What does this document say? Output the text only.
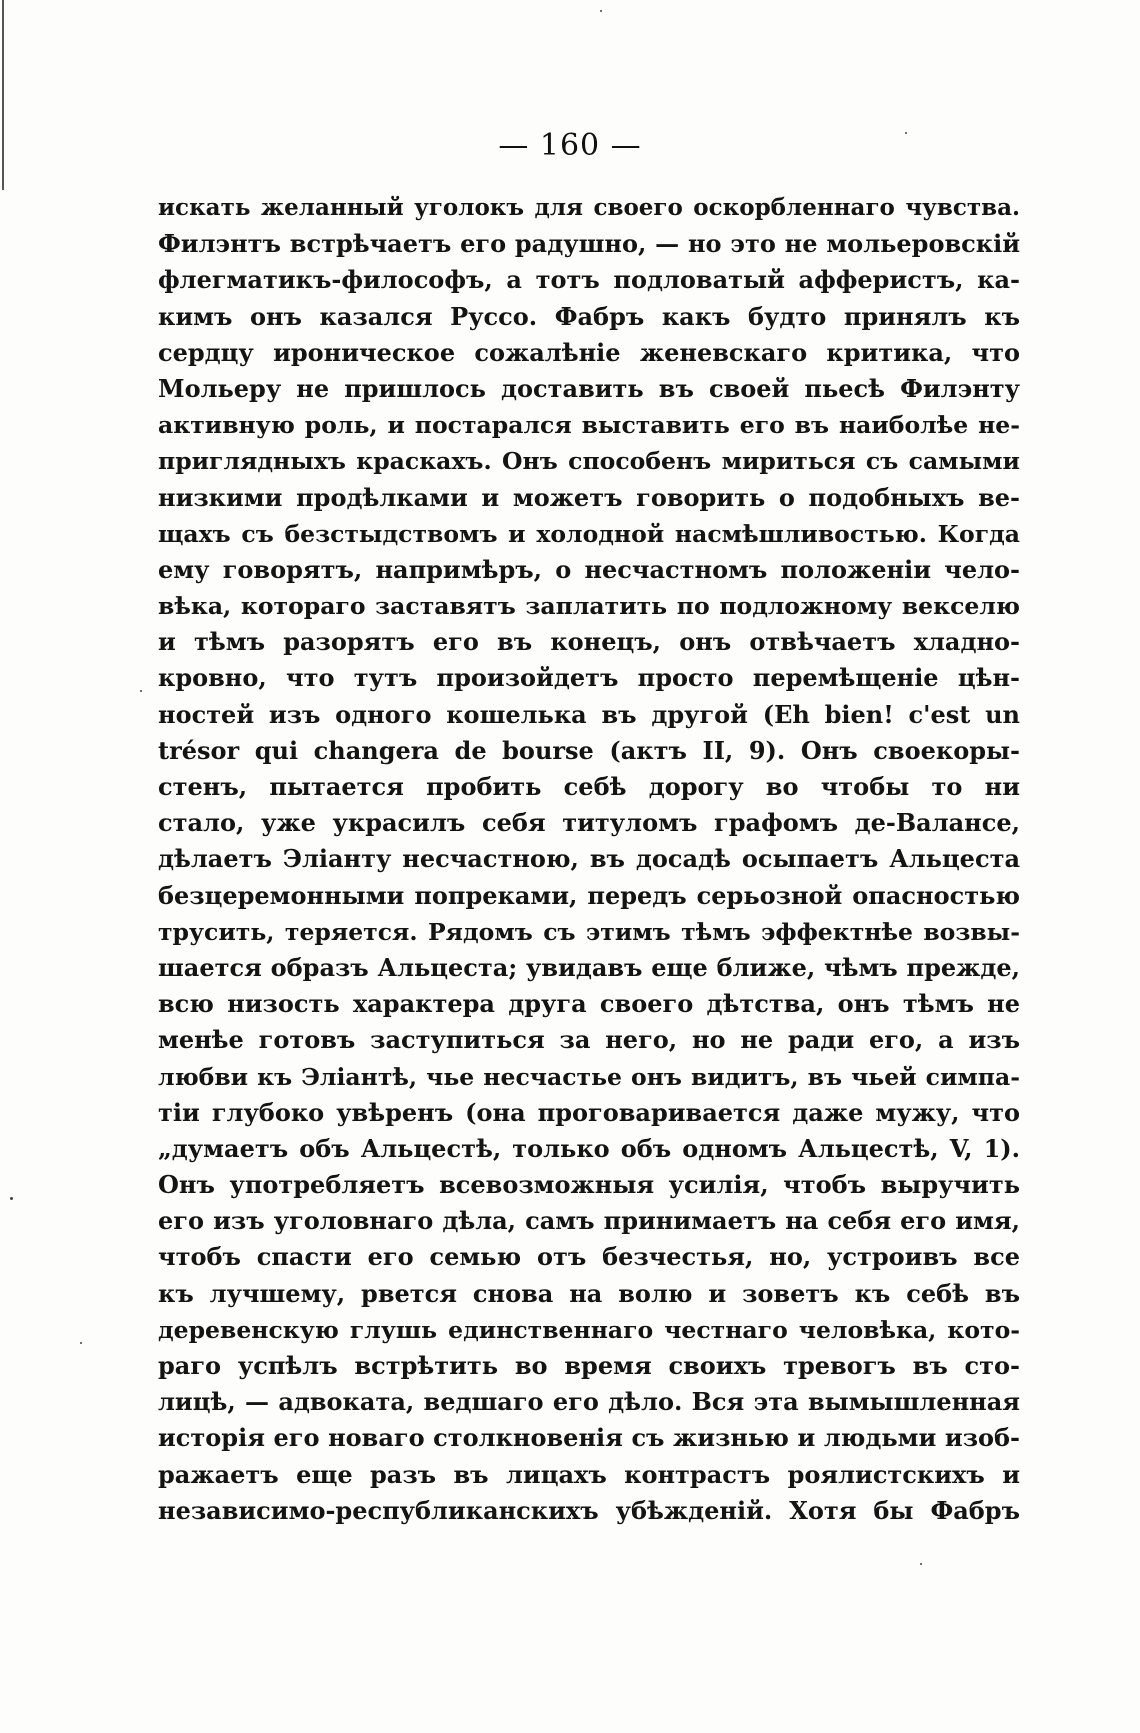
— 160 —
искать желанный уголокъ для своего оскорбленнаго чувства.
Филэнтъ встрѣчаетъ его радушно, — но это не мольеровскій
флегматикъ-философъ, а тотъ подловатый афферистъ, ка-
кимъ онъ казался Руссо. Фабръ какъ будто принялъ къ
сердцу ироническое сожалѣніе женевскаго критика, что
Мольеру не пришлось доставить въ своей пьесѣ Филэнту
активную роль, и постарался выставить его въ наиболѣе не-
приглядныхъ краскахъ. Онъ способенъ мириться съ самыми
низкими продѣлками и можетъ говорить о подобныхъ ве-
щахъ съ безстыдствомъ и холодной насмѣшливостью. Когда
ему говорятъ, напримѣръ, о несчастномъ положеніи чело-
вѣка, котораго заставятъ заплатить по подложному векселю
и тѣмъ разорятъ его въ конецъ, онъ отвѣчаетъ хладно-
кровно, что тутъ произойдетъ просто перемѣщеніе цѣн-
ностей изъ одного кошелька въ другой (Eh bien! c'est un
trésor qui changera de bourse (актъ II, 9). Онъ своекоры-
стенъ, пытается пробить себѣ дорогу во чтобы то ни
стало, уже украсилъ себя титуломъ графомъ де-Валансе,
дѣлаетъ Эліанту несчастною, въ досадѣ осыпаетъ Альцеста
безцеремонными попреками, передъ серьозной опасностью
трусить, теряется. Рядомъ съ этимъ тѣмъ эффектнѣе возвы-
шается образъ Альцеста; увидавъ еще ближе, чѣмъ прежде,
всю низость характера друга своего дѣтства, онъ тѣмъ не
менѣе готовъ заступиться за него, но не ради его, а изъ
любви къ Эліантѣ, чье несчастье онъ видитъ, въ чьей симпа-
тіи глубоко увѣренъ (она проговаривается даже мужу, что
„думаетъ объ Альцестѣ, только объ одномъ Альцестѣ, V, 1).
Онъ употребляетъ всевозможныя усилія, чтобъ выручить
его изъ уголовнаго дѣла, самъ принимаетъ на себя его имя,
чтобъ спасти его семью отъ безчестья, но, устроивъ все
къ лучшему, рвется снова на волю и зоветъ къ себѣ въ
деревенскую глушь единственнаго честнаго человѣка, кото-
раго успѣлъ встрѣтить во время своихъ тревогъ въ сто-
лицѣ, — адвоката, ведшаго его дѣло. Вся эта вымышленная
исторія его новаго столкновенія съ жизнью и людьми изоб-
ражаетъ еще разъ въ лицахъ контрастъ роялистскихъ и
независимо-республиканскихъ убѣжденій. Хотя бы Фабръ
